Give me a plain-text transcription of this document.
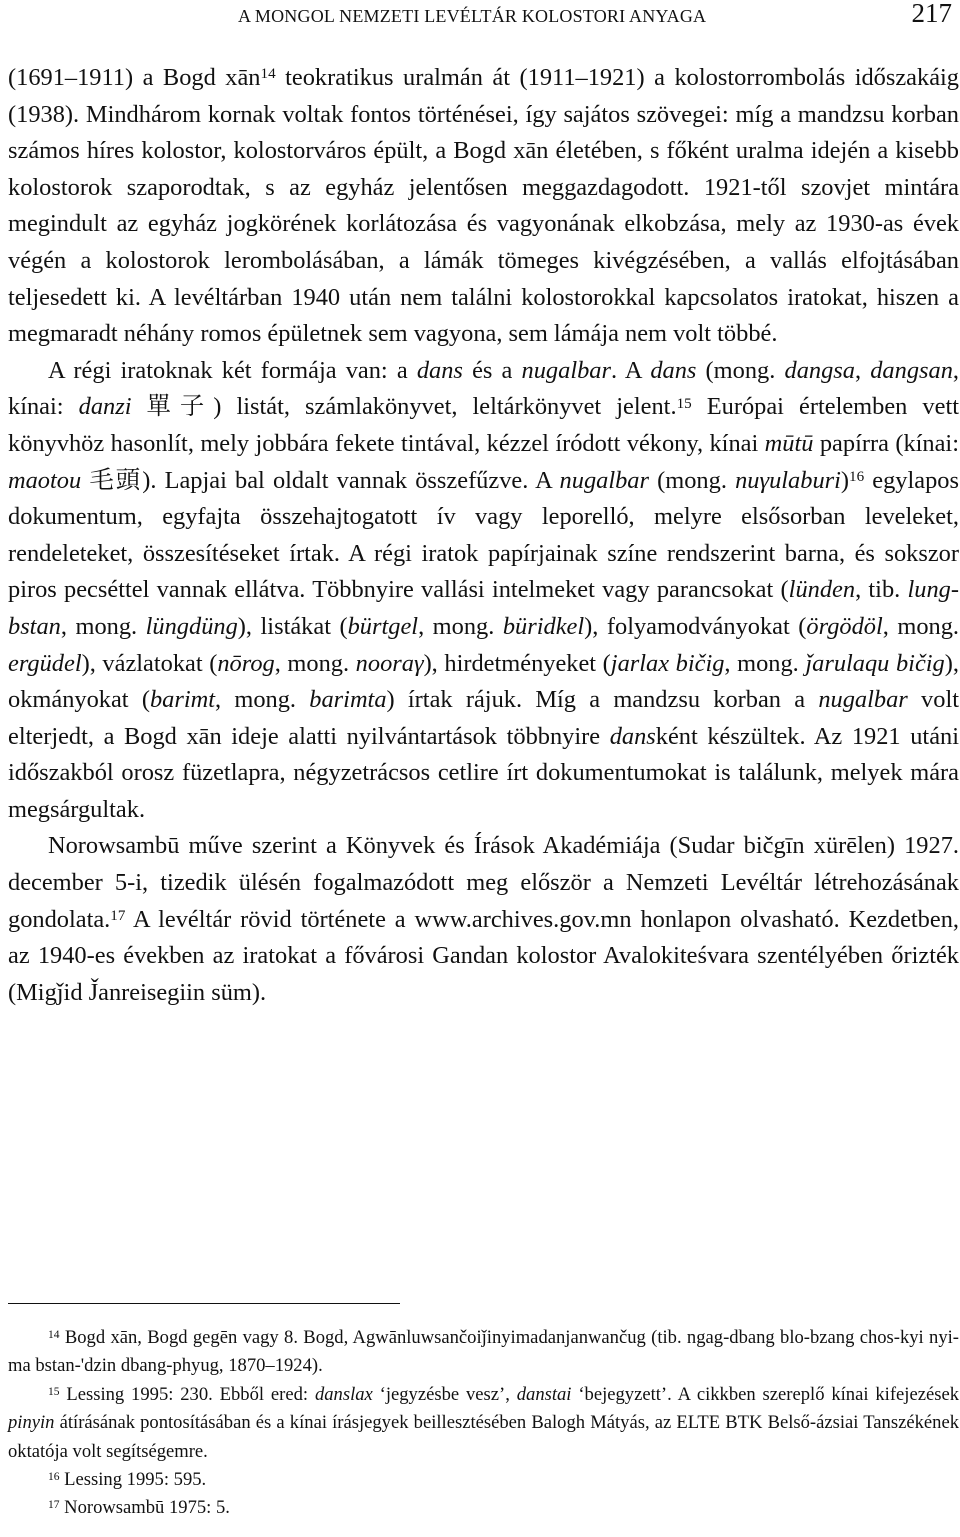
A MONGOL NEMZETI LEVÉLTÁR KOLOSTORI ANYAGA	217

(1691–1911) a Bogd xān$^{14}$ teokratikus uralmán át (1911–1921) a kolostorrombolás időszakáig (1938). Mindhárom kornak voltak fontos történései, így sajátos szövegei: míg a mandzsu korban számos híres kolostor, kolostorváros épült, a Bogd xān életében, s főként uralma idején a kisebb kolostorok szaporodtak, s az egyház jelentősen meggazdagodott. 1921-től szovjet mintára megindult az egyház jogkörének korlátozása és vagyonának elkobzása, mely az 1930-as évek végén a kolostorok lerombolásában, a lámák tömeges kivégzésében, a vallás elfojtásában teljesedett ki. A levéltárban 1940 után nem találni kolostorokkal kapcsolatos iratokat, hiszen a megmaradt néhány romos épületnek sem vagyona, sem lámája nem volt többé.

A régi iratoknak két formája van: a dans és a nugalbar. A dans (mong. dangsa, dangsan, kínai: danzi 單子) listát, számlakönyvet, leltárkönyvet jelent.$^{15}$ Európai értelemben vett könyvhöz hasonlít, mely jobbára fekete tintával, kézzel íródott vékony, kínai mūtū papírra (kínai: maotou 毛頭). Lapjai bal oldalt vannak összefűzve. A nugalbar (mong. nuγulaburi)$^{16}$ egylapos dokumentum, egyfajta összehajtogatott ív vagy leporelló, melyre elsősorban leveleket, rendeleteket, összesítéseket írtak. A régi iratok papírjainak színe rendszerint barna, és sokszor piros pecséttel vannak ellátva. Többnyire vallási intelmeket vagy parancsokat (lünden, tib. lung-bstan, mong. lüngdüng), listákat (bürtgel, mong. büridkel), folyamodványokat (örgödöl, mong. ergüdel), vázlatokat (nōrog, mong. nooraγ), hirdetményeket (jarlax bičig, mong. ǰarulaqu bičig), okmányokat (barimt, mong. barimta) írtak rájuk. Míg a mandzsu korban a nugalbar volt elterjedt, a Bogd xān ideje alatti nyilvántartások többnyire dansként készültek. Az 1921 utáni időszakból orosz füzetlapra, négyzetrácsos cetlire írt dokumentumokat is találunk, melyek mára megsárgultak.

Norowsambū műve szerint a Könyvek és Írások Akadémiája (Sudar bičgīn xürēlen) 1927. december 5-i, tizedik ülésén fogalmazódott meg először a Nemzeti Levéltár létrehozásának gondolata.$^{17}$ A levéltár rövid története a www.archives.gov.mn honlapon olvasható. Kezdetben, az 1940-es években az iratokat a fővárosi Gandan kolostor Avalokiteśvara szentélyében őrizték (Migǰid J̌anreisegiin süm).

$^{14}$ Bogd xān, Bogd gegēn vagy 8. Bogd, Agwānluwsančoiǰinyimadanjanwančug (tib. ngag-dbang blo-bzang chos-kyi nyi-ma bstan-'dzin dbang-phyug, 1870–1924).

$^{15}$ Lessing 1995: 230. Ebből ered: danslax ‘jegyzésbe vesz’, danstai ‘bejegyzett’. A cikkben szereplő kínai kifejezések pinyin átírásának pontosításában és a kínai írásjegyek beillesztésében Balogh Mátyás, az ELTE BTK Belső-ázsiai Tanszékének oktatója volt segítségemre.

$^{16}$ Lessing 1995: 595.

$^{17}$ Norowsambū 1975: 5.
